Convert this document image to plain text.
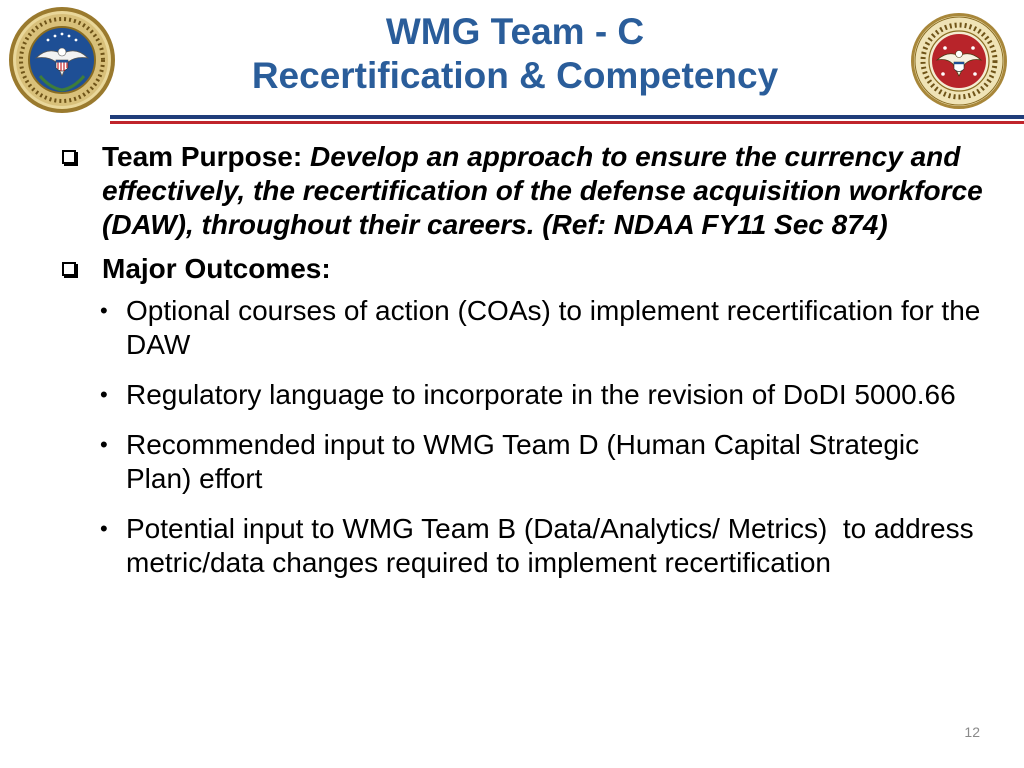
WMG Team - C
Recertification & Competency
Team Purpose: Develop an approach to ensure the currency and effectively, the recertification of the defense acquisition workforce (DAW), throughout their careers. (Ref: NDAA FY11 Sec 874)
Major Outcomes:
• Optional courses of action (COAs) to implement recertification for the DAW
• Regulatory language to incorporate in the revision of DoDI 5000.66
• Recommended input to WMG Team D (Human Capital Strategic Plan) effort
• Potential input to WMG Team B (Data/Analytics/ Metrics)  to address metric/data changes required to implement recertification
12
